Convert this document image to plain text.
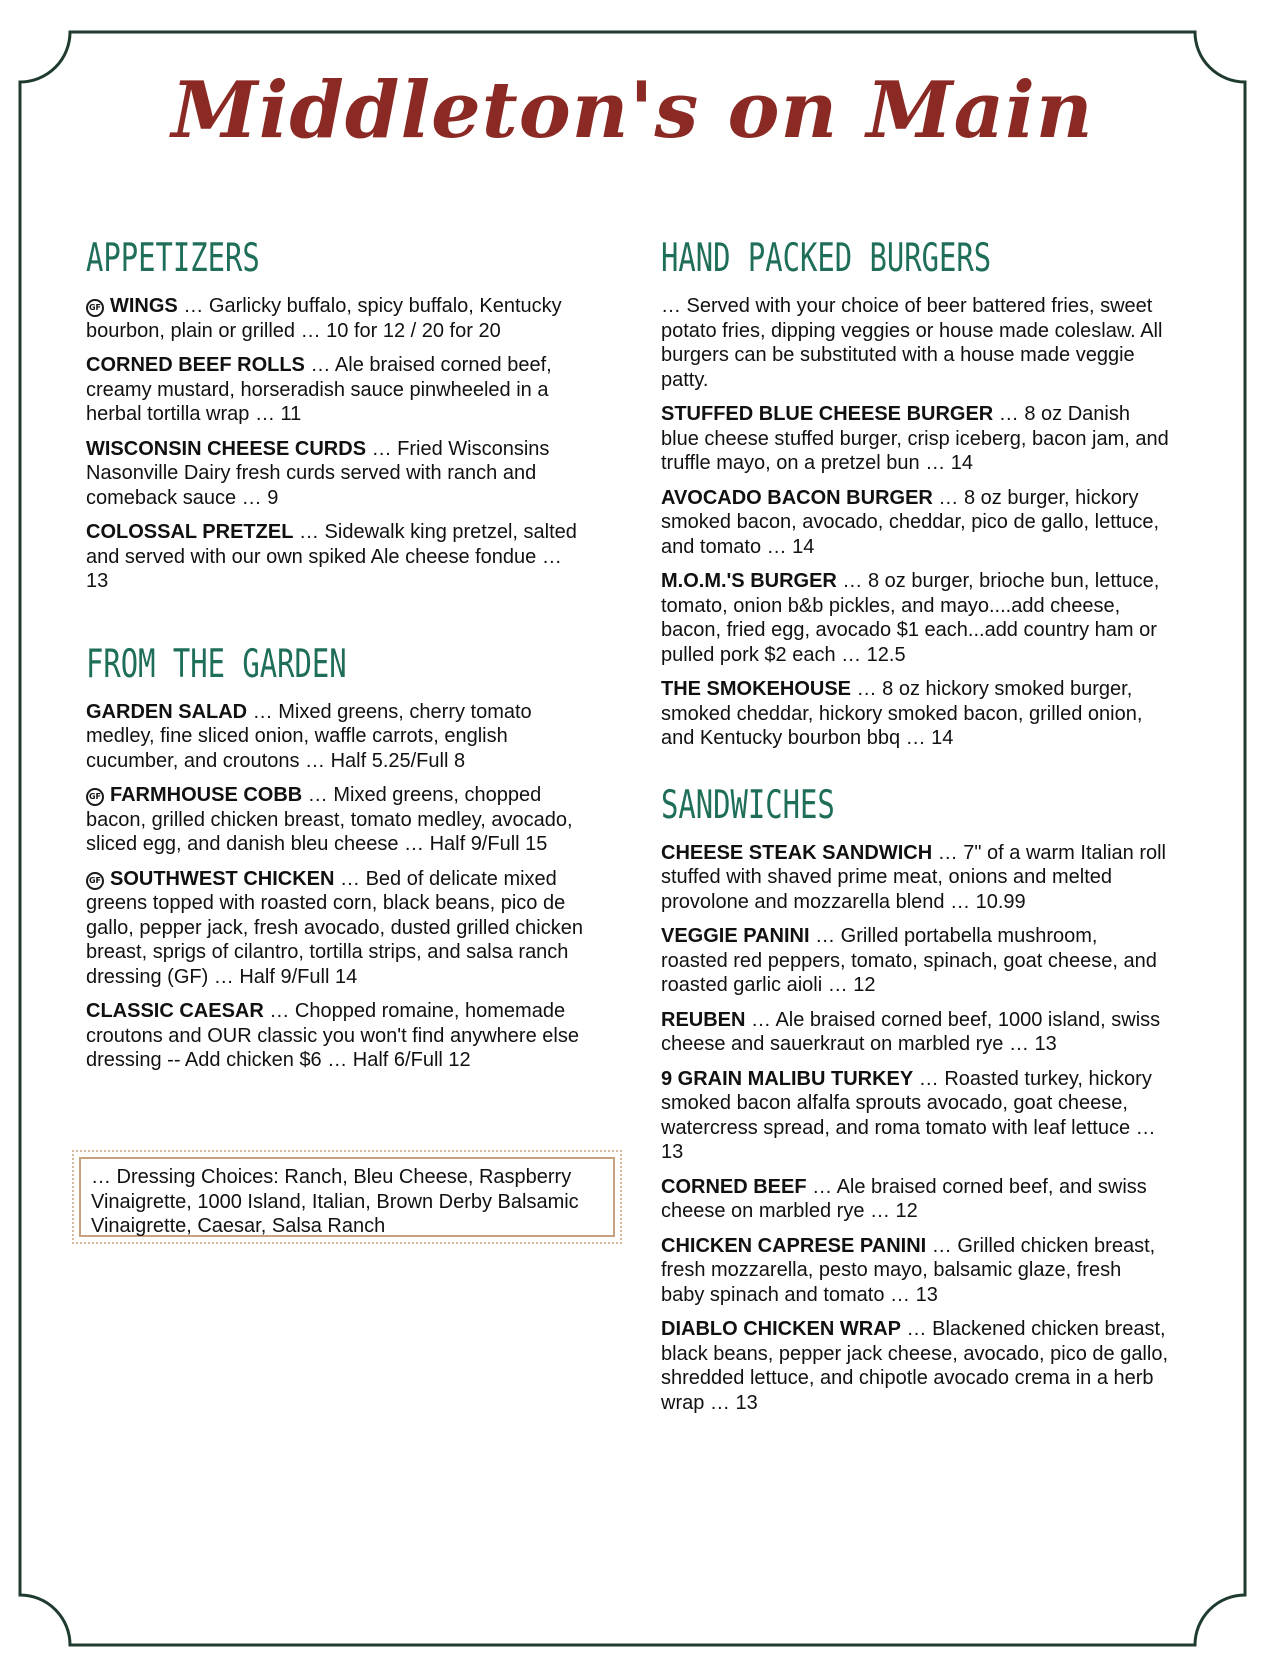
Middleton's on Main
APPETIZERS

GF WINGS … Garlicky buffalo, spicy buffalo, Kentucky bourbon, plain or grilled … 10 for 12 / 20 for 20

CORNED BEEF ROLLS … Ale braised corned beef, creamy mustard, horseradish sauce pinwheeled in a herbal tortilla wrap … 11

WISCONSIN CHEESE CURDS … Fried Wisconsins Nasonville Dairy fresh curds served with ranch and comeback sauce … 9

COLOSSAL PRETZEL … Sidewalk king pretzel, salted and served with our own spiked Ale cheese fondue … 13

FROM THE GARDEN

GARDEN SALAD … Mixed greens, cherry tomato medley, fine sliced onion, waffle carrots, english cucumber, and croutons … Half 5.25/Full 8

GF FARMHOUSE COBB … Mixed greens, chopped bacon, grilled chicken breast, tomato medley, avocado, sliced egg, and danish bleu cheese … Half 9/Full 15

GF SOUTHWEST CHICKEN … Bed of delicate mixed greens topped with roasted corn, black beans, pico de gallo, pepper jack, fresh avocado, dusted grilled chicken breast, sprigs of cilantro, tortilla strips, and salsa ranch dressing (GF) … Half 9/Full 14

CLASSIC CAESAR … Chopped romaine, homemade croutons and OUR classic you won't find anywhere else dressing -- Add chicken $6 … Half 6/Full 12

… Dressing Choices: Ranch, Bleu Cheese, Raspberry Vinaigrette, 1000 Island, Italian, Brown Derby Balsamic Vinaigrette, Caesar, Salsa Ranch
HAND PACKED BURGERS

… Served with your choice of beer battered fries, sweet potato fries, dipping veggies or house made coleslaw. All burgers can be substituted with a house made veggie patty.

STUFFED BLUE CHEESE BURGER … 8 oz Danish blue cheese stuffed burger, crisp iceberg, bacon jam, and truffle mayo, on a pretzel bun … 14

AVOCADO BACON BURGER … 8 oz burger, hickory smoked bacon, avocado, cheddar, pico de gallo, lettuce, and tomato … 14

M.O.M.'S BURGER … 8 oz burger, brioche bun, lettuce, tomato, onion b&b pickles, and mayo....add cheese, bacon, fried egg, avocado $1 each...add country ham or pulled pork $2 each … 12.5

THE SMOKEHOUSE … 8 oz hickory smoked burger, smoked cheddar, hickory smoked bacon, grilled onion, and Kentucky bourbon bbq … 14

SANDWICHES

CHEESE STEAK SANDWICH … 7" of a warm Italian roll stuffed with shaved prime meat, onions and melted provolone and mozzarella blend … 10.99

VEGGIE PANINI … Grilled portabella mushroom, roasted red peppers, tomato, spinach, goat cheese, and roasted garlic aioli … 12

REUBEN … Ale braised corned beef, 1000 island, swiss cheese and sauerkraut on marbled rye … 13

9 GRAIN MALIBU TURKEY … Roasted turkey, hickory smoked bacon alfalfa sprouts avocado, goat cheese, watercress spread, and roma tomato with leaf lettuce … 13

CORNED BEEF … Ale braised corned beef, and swiss cheese on marbled rye … 12

CHICKEN CAPRESE PANINI … Grilled chicken breast, fresh mozzarella, pesto mayo, balsamic glaze, fresh baby spinach and tomato … 13

DIABLO CHICKEN WRAP … Blackened chicken breast, black beans, pepper jack cheese, avocado, pico de gallo, shredded lettuce, and chipotle avocado crema in a herb wrap … 13
